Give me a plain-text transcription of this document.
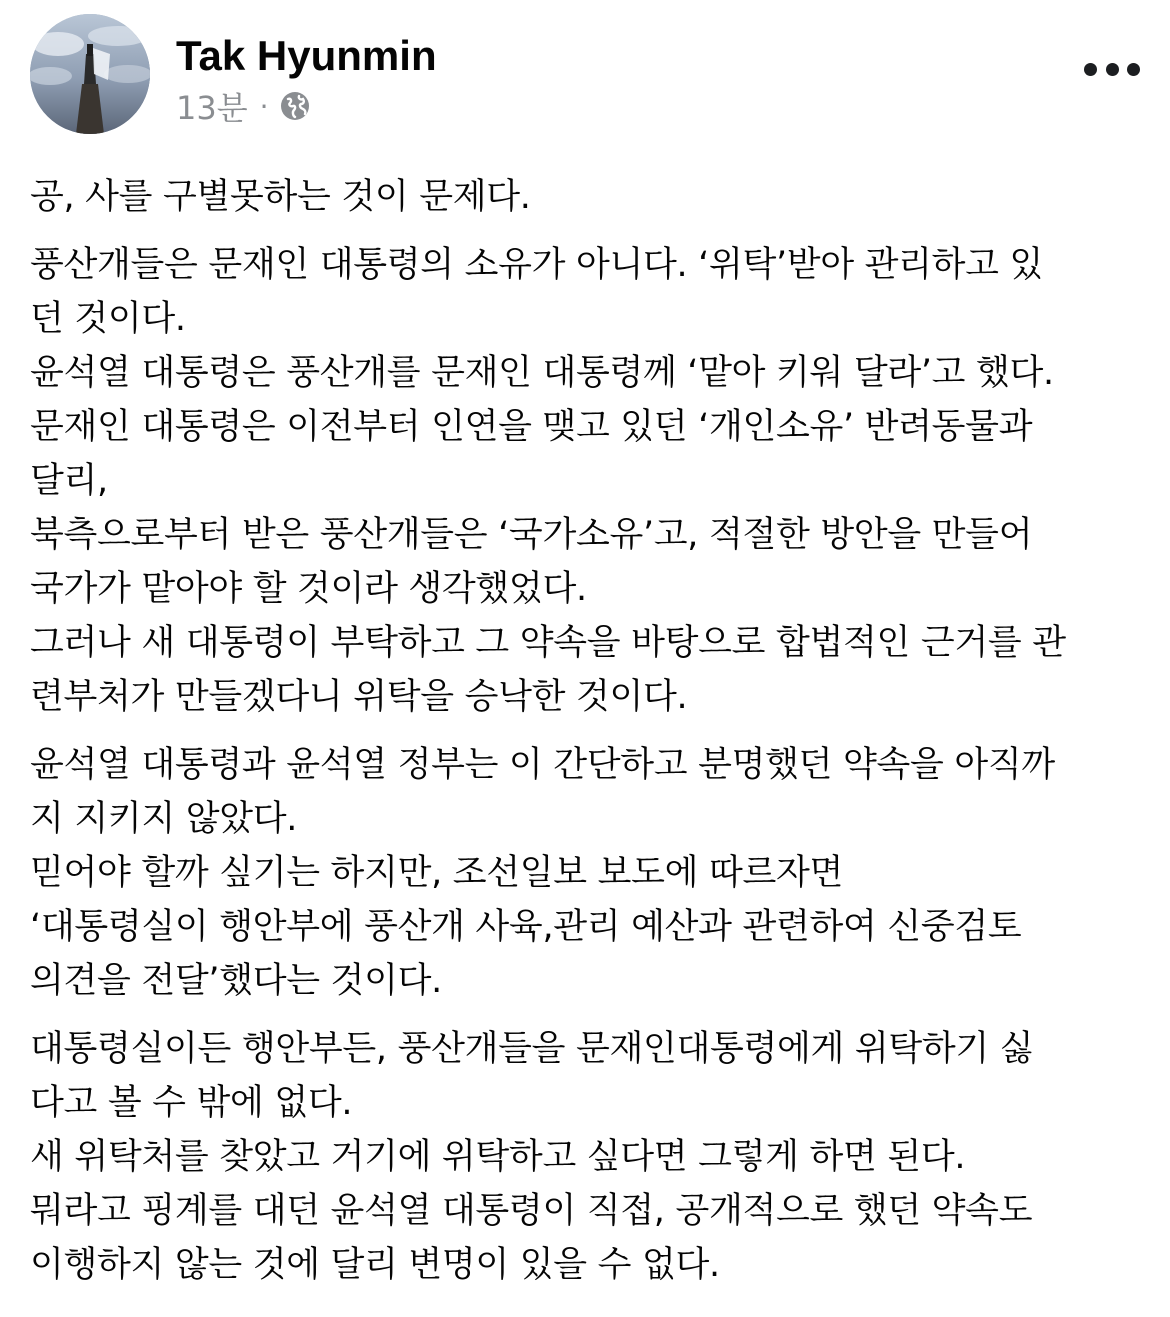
Tak Hyunmin
13분 ·
공, 사를 구별못하는 것이 문제다.
풍산개들은 문재인 대통령의 소유가 아니다. ‘위탁’받아 관리하고 있
던 것이다.
윤석열 대통령은 풍산개를 문재인 대통령께 ‘맡아 키워 달라’고 했다.
문재인 대통령은 이전부터 인연을 맺고 있던 ‘개인소유’ 반려동물과
달리,
북측으로부터 받은 풍산개들은 ‘국가소유’고, 적절한 방안을 만들어
국가가 맡아야 할 것이라 생각했었다.
그러나 새 대통령이 부탁하고 그 약속을 바탕으로 합법적인 근거를 관
련부처가 만들겠다니 위탁을 승낙한 것이다.
윤석열 대통령과 윤석열 정부는 이 간단하고 분명했던 약속을 아직까
지 지키지 않았다.
믿어야 할까 싶기는 하지만, 조선일보 보도에 따르자면
‘대통령실이 행안부에 풍산개 사육,관리 예산과 관련하여 신중검토
의견을 전달’했다는 것이다.
대통령실이든 행안부든, 풍산개들을 문재인대통령에게 위탁하기 싫
다고 볼 수 밖에 없다.
새 위탁처를 찾았고 거기에 위탁하고 싶다면 그렇게 하면 된다.
뭐라고 핑계를 대던 윤석열 대통령이 직접, 공개적으로 했던 약속도
이행하지 않는 것에 달리 변명이 있을 수 없다.
